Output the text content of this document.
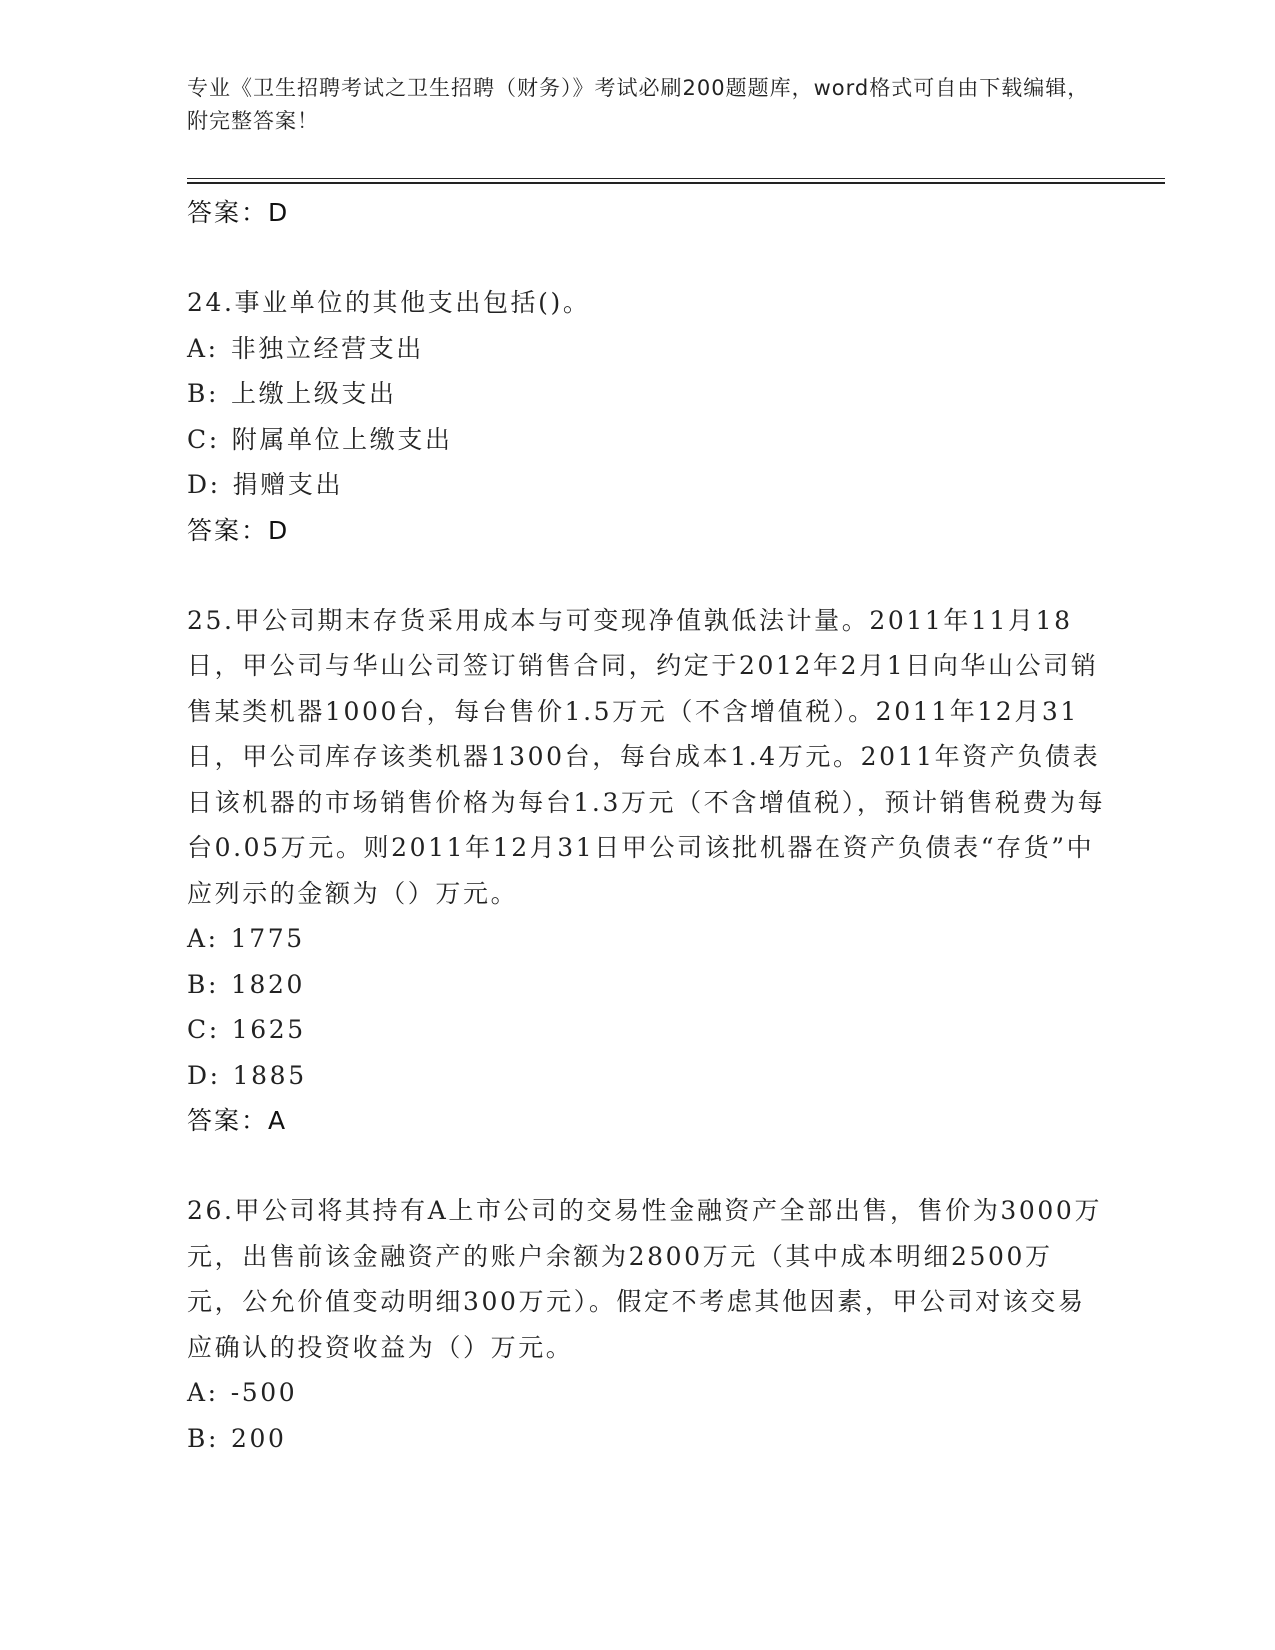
专业《卫生招聘考试之卫生招聘（财务）》考试必刷200题题库，word格式可自由下载编辑，附完整答案！
答案：D
24.事业单位的其他支出包括()。
A: 非独立经营支出
B: 上缴上级支出
C: 附属单位上缴支出
D: 捐赠支出
答案：D
25.甲公司期末存货采用成本与可变现净值孰低法计量。2011年11月18日，甲公司与华山公司签订销售合同，约定于2012年2月1日向华山公司销售某类机器1000台，每台售价1.5万元（不含增值税）。2011年12月31日，甲公司库存该类机器1300台，每台成本1.4万元。2011年资产负债表日该机器的市场销售价格为每台1.3万元（不含增值税），预计销售税费为每台0.05万元。则2011年12月31日甲公司该批机器在资产负债表“存货”中应列示的金额为（）万元。
A: 1775
B: 1820
C: 1625
D: 1885
答案：A
26.甲公司将其持有A上市公司的交易性金融资产全部出售，售价为3000万元，出售前该金融资产的账户余额为2800万元（其中成本明细2500万元，公允价值变动明细300万元）。假定不考虑其他因素，甲公司对该交易应确认的投资收益为（）万元。
A: -500
B: 200
